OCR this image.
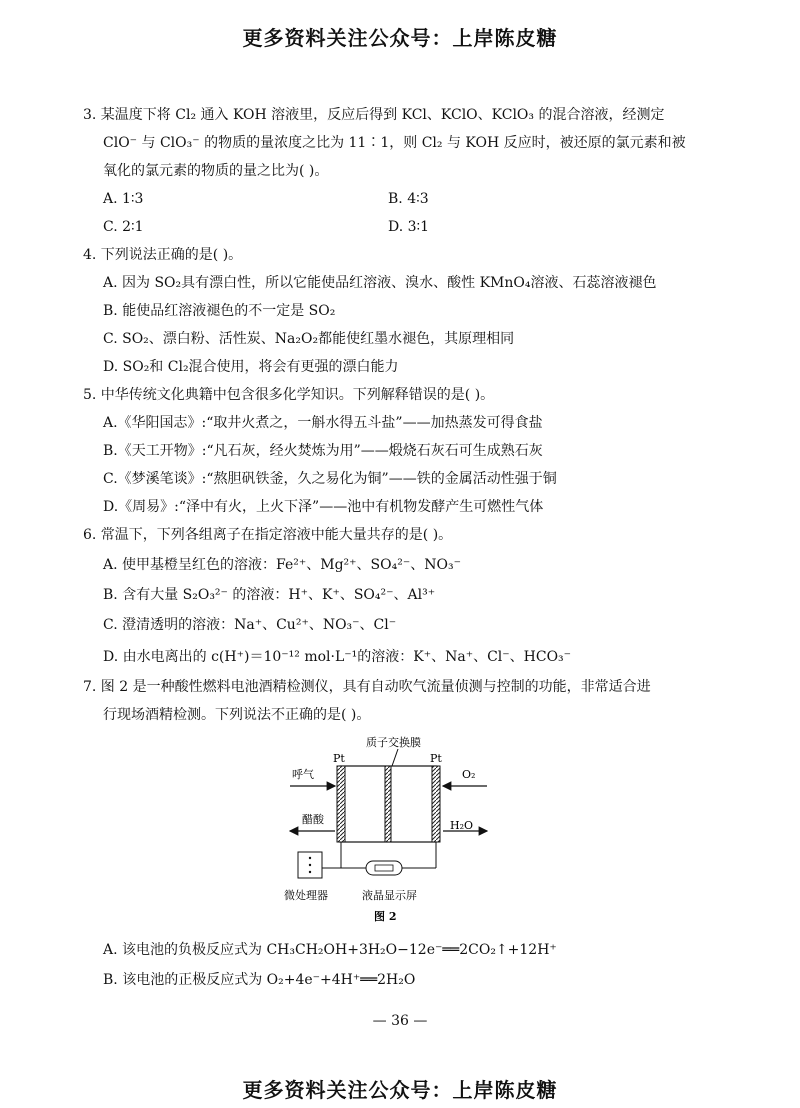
更多资料关注公众号：上岸陈皮糖
3. 某温度下将 Cl₂ 通入 KOH 溶液里，反应后得到 KCl、KClO、KClO₃ 的混合溶液，经测定
ClO⁻ 与 ClO₃⁻ 的物质的量浓度之比为 11∶1，则 Cl₂ 与 KOH 反应时，被还原的氯元素和被
氧化的氯元素的物质的量之比为( )。
A. 1∶3	B. 4∶3
C. 2∶1	D. 3∶1
4. 下列说法正确的是( )。
A. 因为 SO₂具有漂白性，所以它能使品红溶液、溴水、酸性 KMnO₄溶液、石蕊溶液褪色
B. 能使品红溶液褪色的不一定是 SO₂
C. SO₂、漂白粉、活性炭、Na₂O₂都能使红墨水褪色，其原理相同
D. SO₂和 Cl₂混合使用，将会有更强的漂白能力
5. 中华传统文化典籍中包含很多化学知识。下列解释错误的是( )。
A.《华阳国志》:“取井火煮之，一斛水得五斗盐”——加热蒸发可得食盐
B.《天工开物》:“凡石灰，经火焚炼为用”——煅烧石灰石可生成熟石灰
C.《梦溪笔谈》:“熬胆矾铁釜，久之易化为铜”——铁的金属活动性强于铜
D.《周易》:“泽中有火，上火下泽”——池中有机物发酵产生可燃性气体
6. 常温下，下列各组离子在指定溶液中能大量共存的是( )。
A. 使甲基橙呈红色的溶液：Fe²⁺、Mg²⁺、SO₄²⁻、NO₃⁻
B. 含有大量 S₂O₃²⁻ 的溶液：H⁺、K⁺、SO₄²⁻、Al³⁺
C. 澄清透明的溶液：Na⁺、Cu²⁺、NO₃⁻、Cl⁻
D. 由水电离出的 c(H⁺)＝10⁻¹² mol·L⁻¹的溶液：K⁺、Na⁺、Cl⁻、HCO₃⁻
7. 图 2 是一种酸性燃料电池酒精检测仪，具有自动吹气流量侦测与控制的功能，非常适合进
行现场酒精检测。下列说法不正确的是( )。
质子交换膜
Pt	Pt
呼气
醋酸
O₂
H₂O
微处理器	液晶显示屏
图 2
A. 该电池的负极反应式为 CH₃CH₂OH+3H₂O−12e⁻══2CO₂↑+12H⁺
B. 该电池的正极反应式为 O₂+4e⁻+4H⁺══2H₂O
— 36 —
更多资料关注公众号：上岸陈皮糖
